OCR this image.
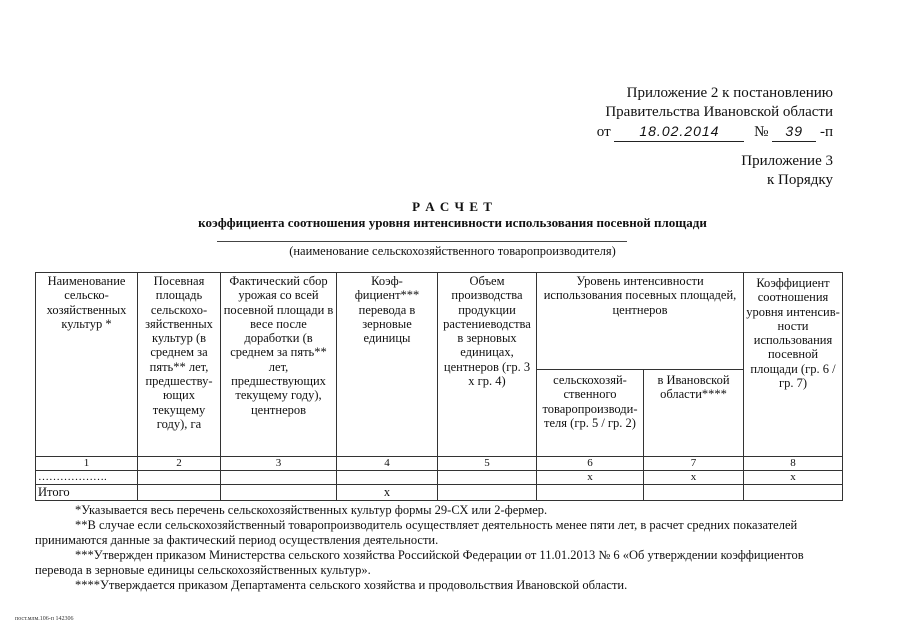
Приложение 2 к постановлению
Правительства Ивановской области
от 18.02.2014 № 39 -п
Приложение 3
к Порядку
Р А С Ч Е Т
коэффициента соотношения уровня интенсивности использования посевной площади
(наименование сельскохозяйственного товаропроизводителя)
Наименование сельско-хозяйственных культур *	Посевная площадь сельскохо-зяйственных культур (в среднем за пять** лет, предшеству-ющих текущему году), га	Фактический сбор урожая со всей посевной площади в весе после доработки (в среднем за пять** лет, предшествующих текущему году), центнеров	Коэф-фициент*** перевода в зерновые единицы	Объем производства продукции растениеводства в зерновых единицах, центнеров (гр. 3 х гр. 4)	Уровень интенсивности использования посевных площадей, центнеров		Коэффициент соотношения уровня интенсив-ности использования посевной площади (гр. 6 / гр. 7)
					сельскохозяй-ственного товаропроизводи-теля (гр. 5 / гр. 2)	в Ивановской области****	
1	2	3	4	5	6	7	8
……………….					х	х	х
Итого			х				

*Указывается весь перечень сельскохозяйственных культур формы 29-СХ или 2-фермер.

**В случае если сельскохозяйственный товаропроизводитель осуществляет деятельность менее пяти лет, в расчет средних показателей принимаются данные за фактический период осуществления деятельности.

***Утвержден приказом Министерства сельского хозяйства Российской Федерации от 11.01.2013 № 6 «Об утверждении коэффициентов перевода в зерновые единицы сельскохозяйственных культур».

****Утверждается приказом Департамента сельского хозяйства и продовольствия Ивановской области.

пост.млм.106-п 142306
